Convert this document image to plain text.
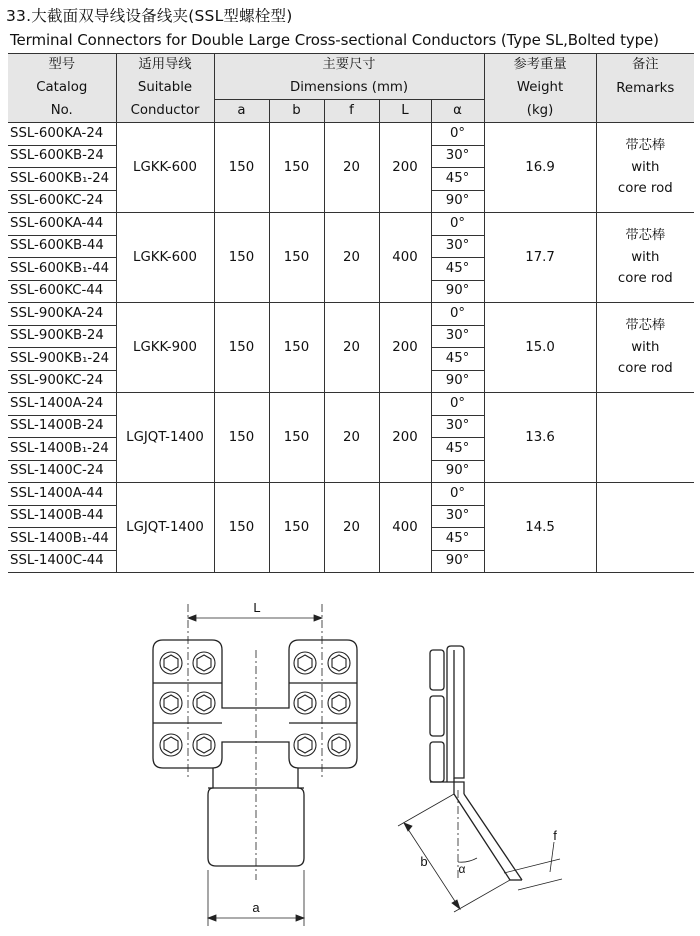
33.大截面双导线设备线夹(SSL型螺栓型)
Terminal Connectors for Double Large Cross-sectional Conductors (Type SL,Bolted type)
型号	适用导线	主要尺寸					参考重量	备注
Catalog	Suitable	Dimensions (mm)					Weight	Remarks
No.	Conductor	a	b	f	L	α	(kg)	
SSL-600KA-24	LGKK-600	150	150	20	200	0°	16.9	带芯棒
with
core rod

SSL-600KB-24						30°		
SSL-600KB₁-24						45°		
SSL-600KC-24						90°		
SSL-600KA-44	LGKK-600	150	150	20	400	0°	17.7	带芯棒
with
core rod

SSL-600KB-44						30°		
SSL-600KB₁-44						45°		
SSL-600KC-44						90°		
SSL-900KA-24	LGKK-900	150	150	20	200	0°	15.0	带芯棒
with
core rod

SSL-900KB-24						30°		
SSL-900KB₁-24						45°		
SSL-900KC-24						90°		
SSL-1400A-24	LGJQT-1400	150	150	20	200	0°	13.6	

SSL-1400B-24						30°		
SSL-1400B₁-24						45°		
SSL-1400C-24						90°		
SSL-1400A-44	LGJQT-1400	150	150	20	400	0°	14.5	

SSL-1400B-44						30°		
SSL-1400B₁-44						45°		
SSL-1400C-44						90°		
L
a
b	α
f
